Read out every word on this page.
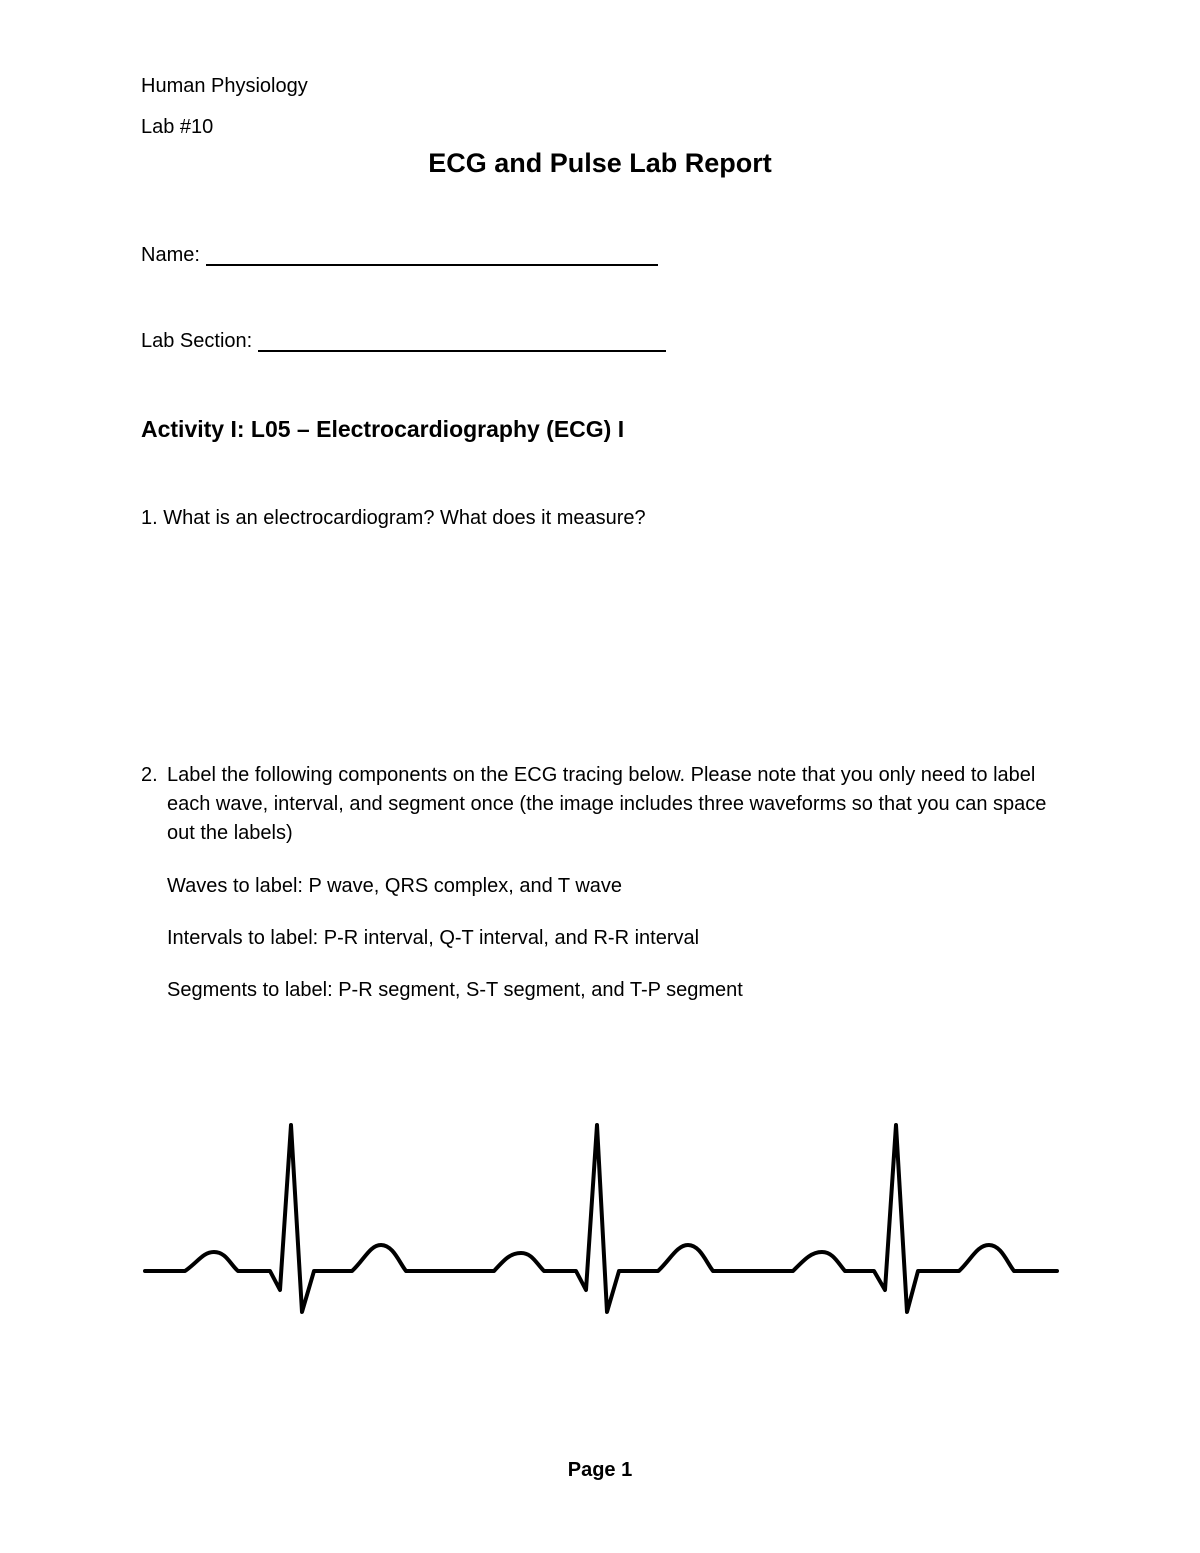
Human Physiology
Lab #10
ECG and Pulse Lab Report
Name:
Lab Section:
Activity I: L05 – Electrocardiography (ECG) I
1. What is an electrocardiogram? What does it measure?
2. Label the following components on the ECG tracing below. Please note that you only need to label each wave, interval, and segment once (the image includes three waveforms so that you can space out the labels)
Waves to label: P wave, QRS complex, and T wave
Intervals to label: P-R interval, Q-T interval, and R-R interval
Segments to label: P-R segment, S-T segment, and T-P segment
Page 1
